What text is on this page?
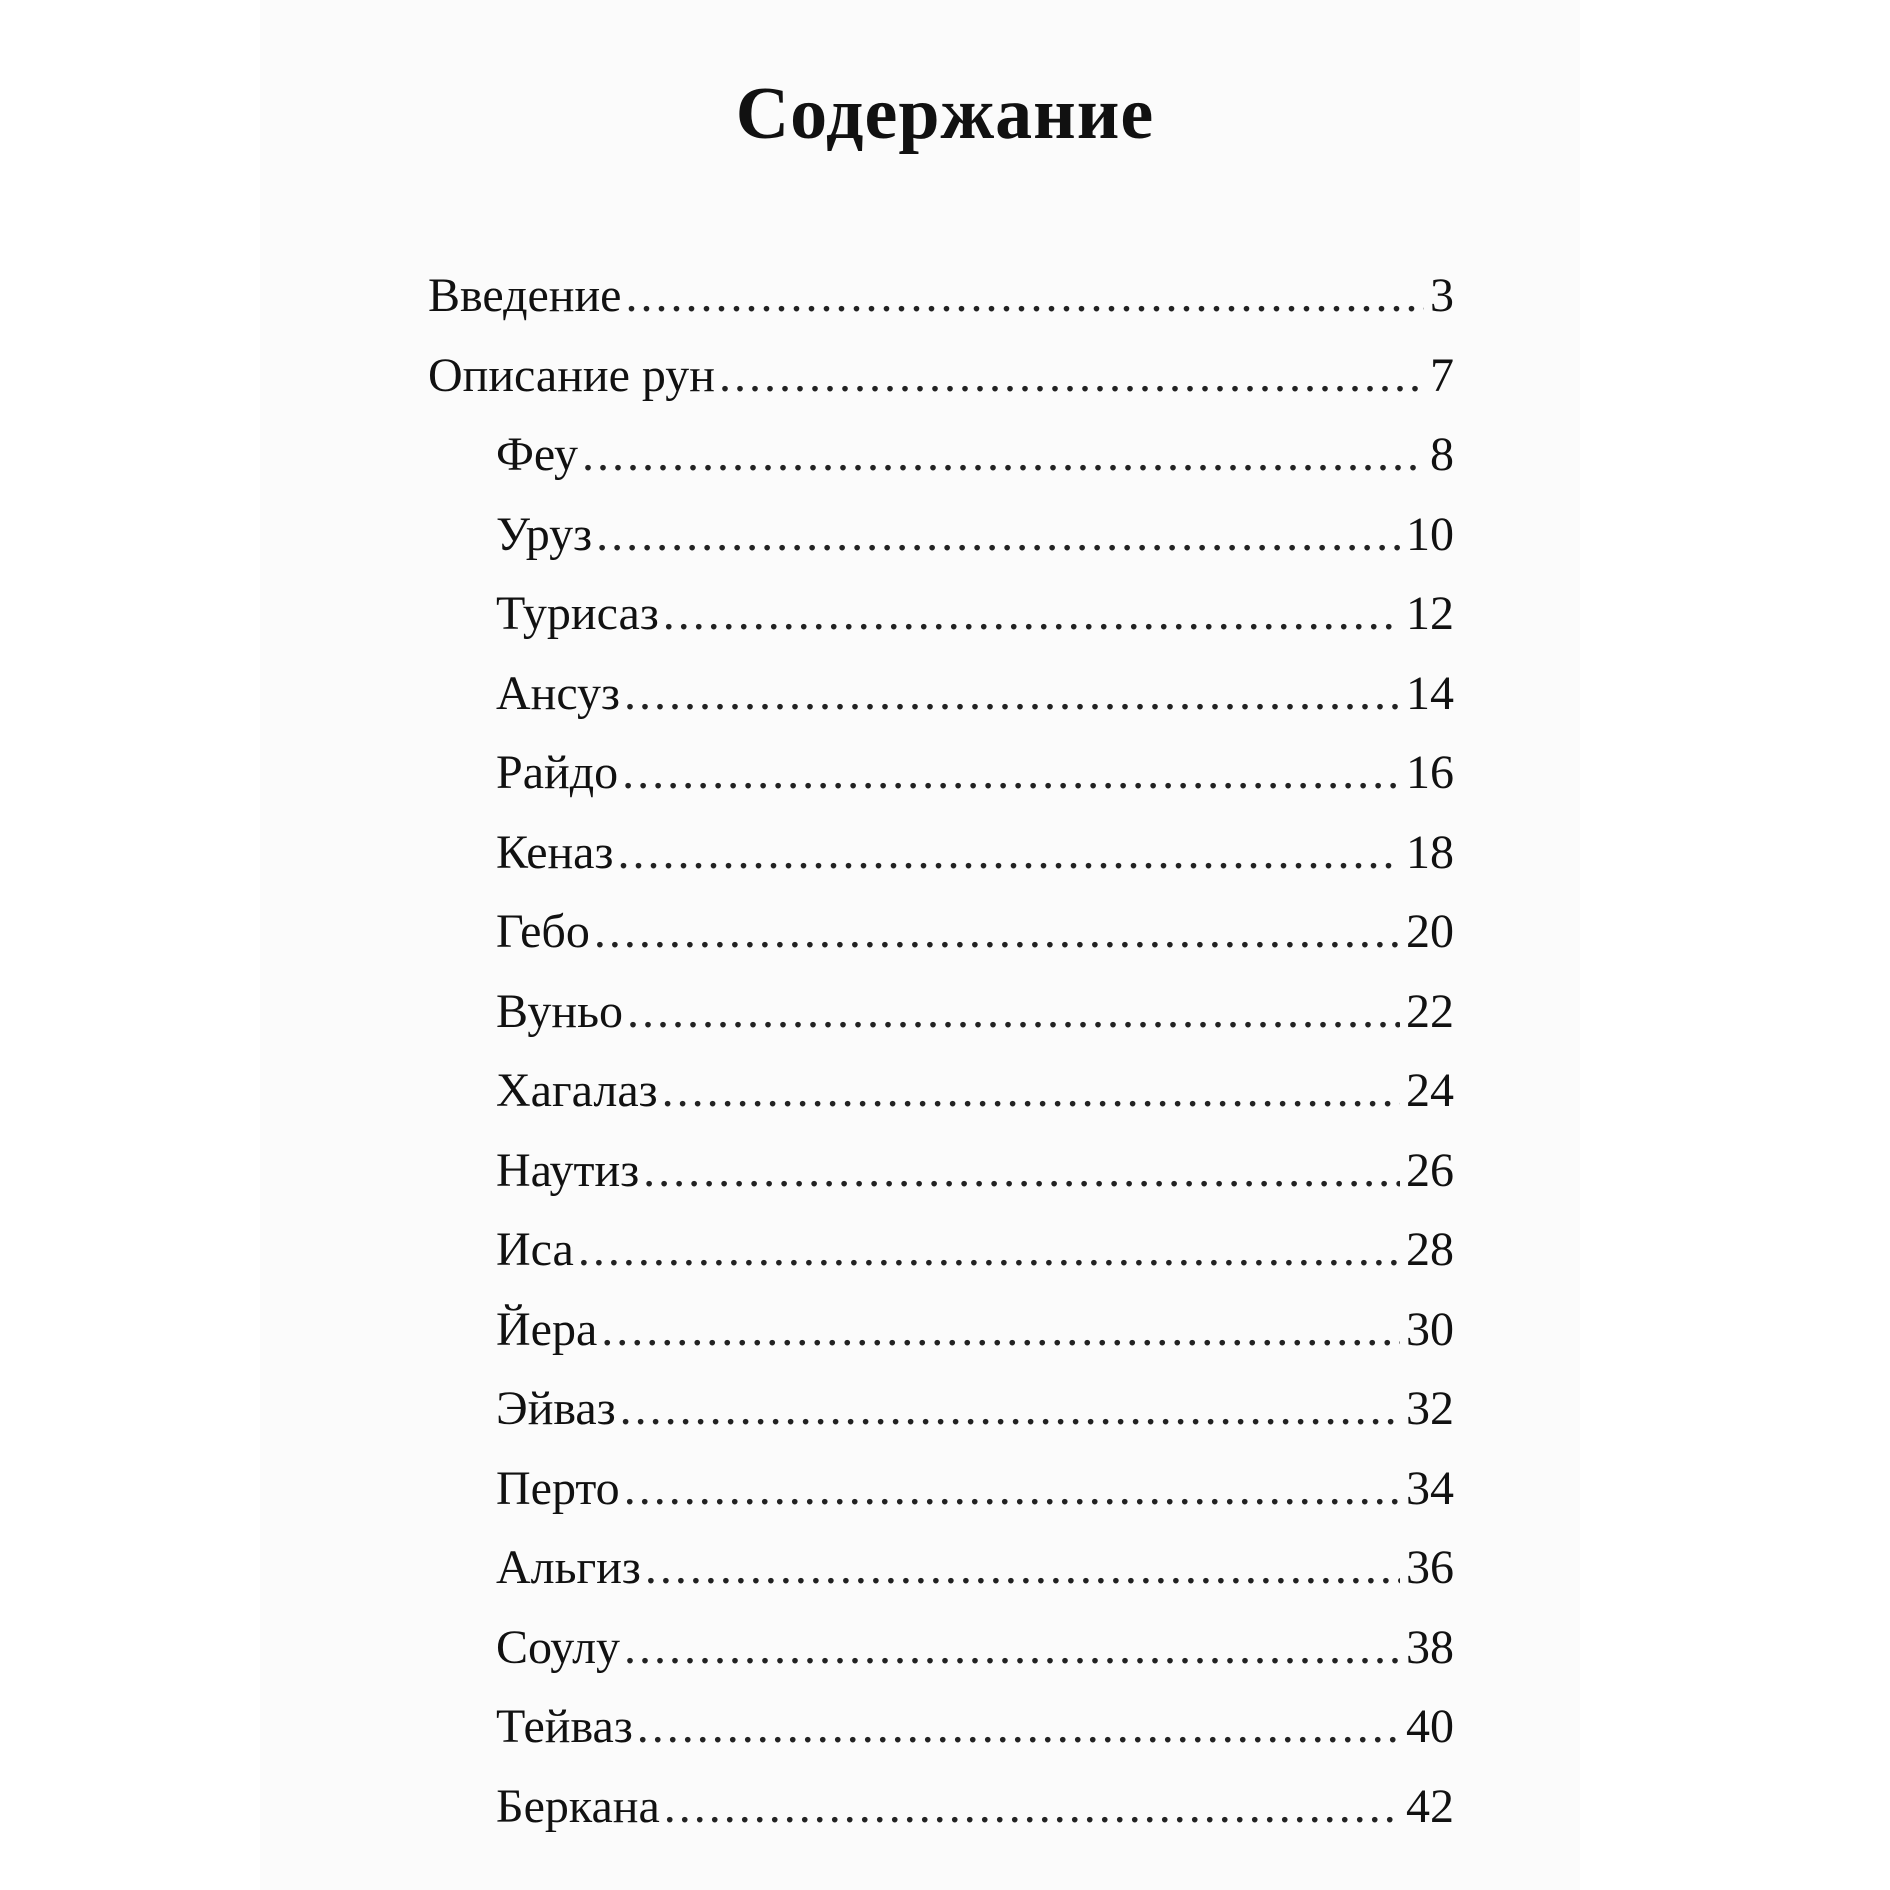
Содержание
Введение .....	3
Описание рун .....	7
Феу .....	8
Уруз .....	10
Турисаз .....	12
Ансуз .....	14
Райдо .....	16
Кеназ .....	18
Гебо .....	20
Вуньо .....	22
Хагалаз .....	24
Наутиз .....	26
Иса .....	28
Йера .....	30
Эйваз .....	32
Перто .....	34
Альгиз .....	36
Соулу .....	38
Тейваз .....	40
Беркана .....	42
